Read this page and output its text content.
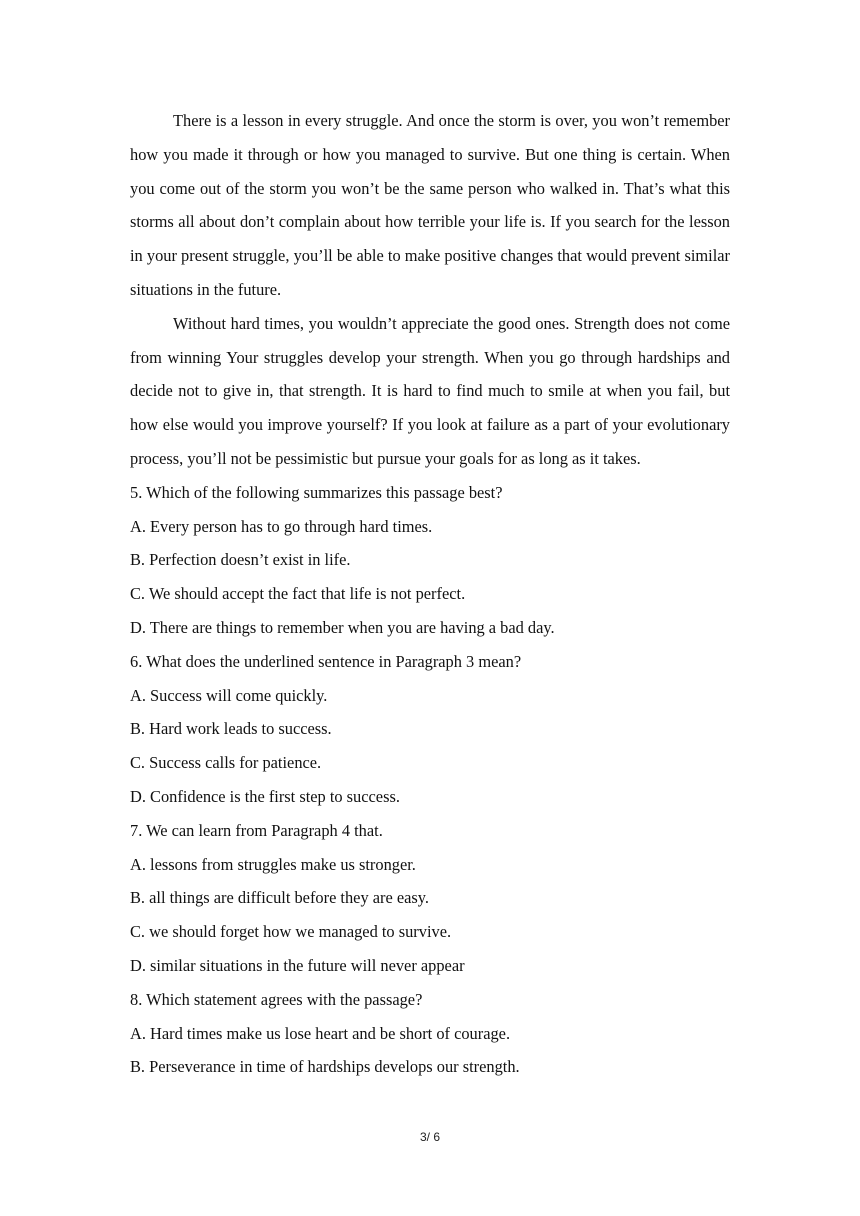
There is a lesson in every struggle. And once the storm is over, you won’t remember how you made it through or how you managed to survive. But one thing is certain. When you come out of the storm you won’t be the same person who walked in. That’s what this storms all about don’t complain about how terrible your life is. If you search for the lesson in your present struggle, you’ll be able to make positive changes that would prevent similar situations in the future.

Without hard times, you wouldn’t appreciate the good ones. Strength does not come from winning Your struggles develop your strength. When you go through hardships and decide not to give in, that strength. It is hard to find much to smile at when you fail, but how else would you improve yourself? If you look at failure as a part of your evolutionary process, you’ll not be pessimistic but pursue your goals for as long as it takes.

5. Which of the following summarizes this passage best?

A. Every person has to go through hard times.

B. Perfection doesn’t exist in life.

C. We should accept the fact that life is not perfect.

D. There are things to remember when you are having a bad day.

6. What does the underlined sentence in Paragraph 3 mean?

A. Success will come quickly.

B. Hard work leads to success.

C. Success calls for patience.

D. Confidence is the first step to success.

7. We can learn from Paragraph 4 that.

A. lessons from struggles make us stronger.

B. all things are difficult before they are easy.

C. we should forget how we managed to survive.

D. similar situations in the future will never appear

8. Which statement agrees with the passage?

A. Hard times make us lose heart and be short of courage.

B. Perseverance in time of hardships develops our strength.

3/ 6
